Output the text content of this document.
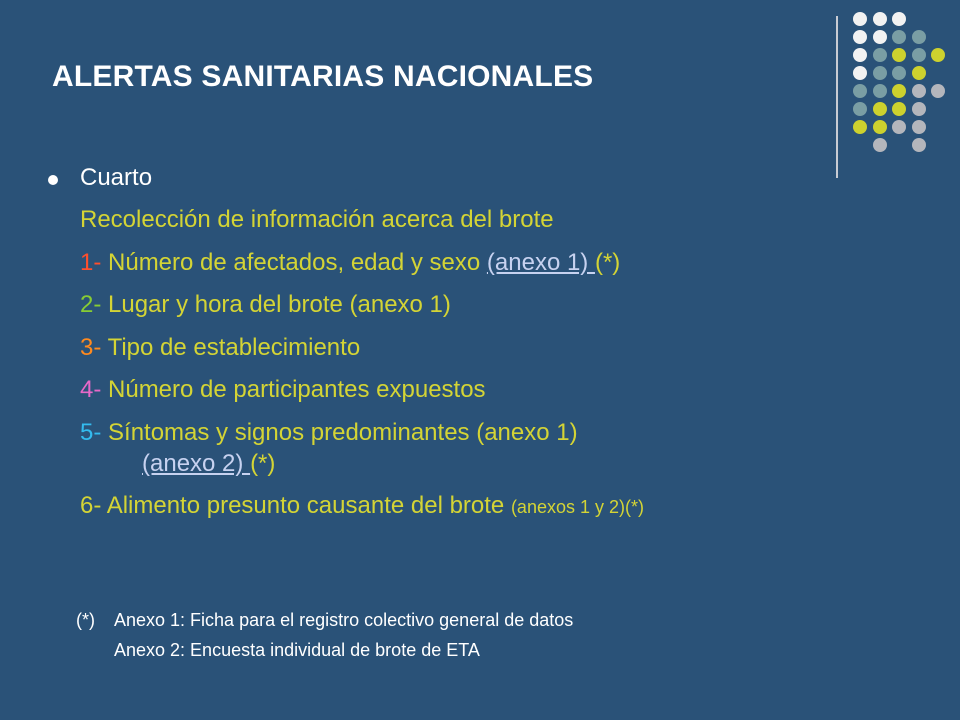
ALERTAS SANITARIAS NACIONALES
Cuarto
Recolección de información acerca del brote
1- Número de afectados, edad y sexo (anexo 1) (*)
2- Lugar y hora del brote (anexo 1)
3- Tipo de establecimiento
4- Número de participantes expuestos
5- Síntomas y signos predominantes (anexo 1)
(anexo 2) (*)
6- Alimento presunto causante del brote (anexos 1 y 2)(*)
(*) Anexo 1: Ficha para el registro colectivo general de datos
Anexo 2: Encuesta individual de brote de ETA
